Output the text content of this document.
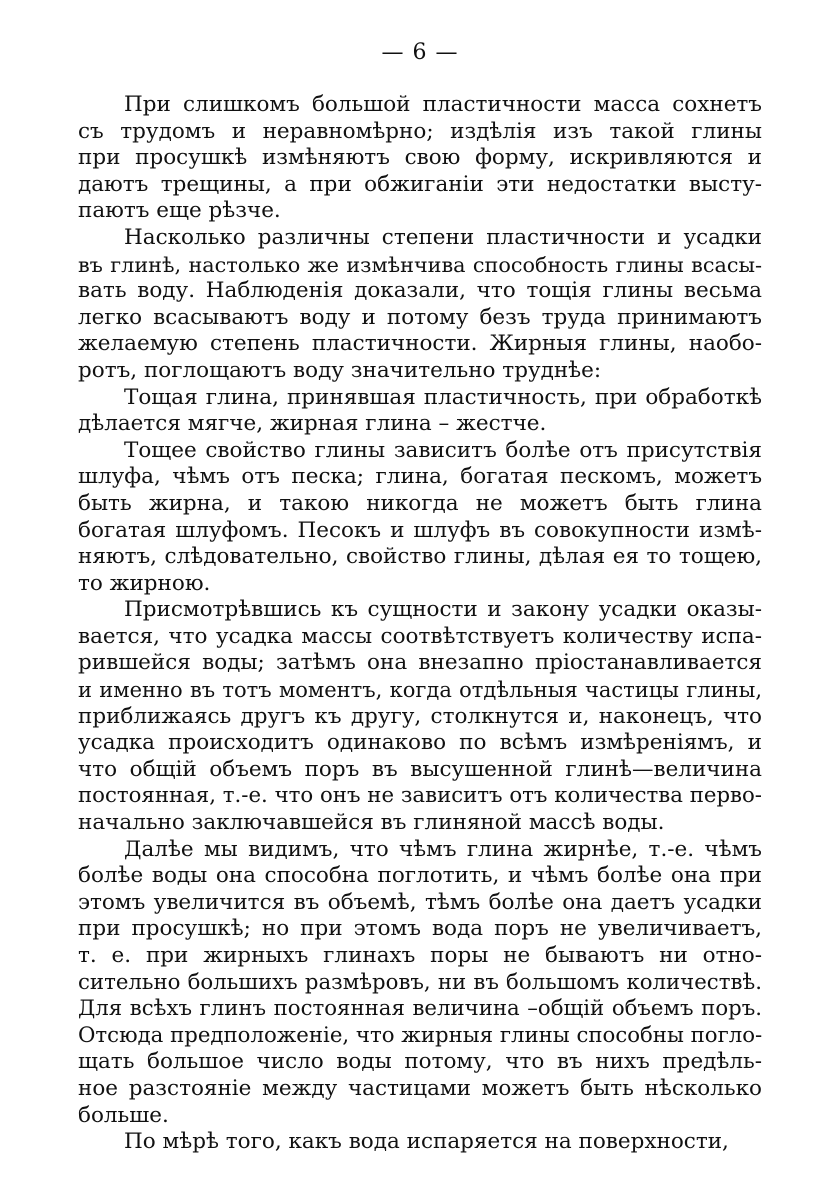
— 6 —
При слишкомъ большой пластичности масса сохнетъ
съ трудомъ и неравномѣрно; издѣлія изъ такой глины
при просушкѣ измѣняютъ свою форму, искривляются и
даютъ трещины, а при обжиганіи эти недостатки высту-
паютъ еще рѣзче.
Насколько различны степени пластичности и усадки
въ глинѣ, настолько же измѣнчива способность глины всасы-
вать воду. Наблюденія доказали, что тощія глины весьма
легко всасываютъ воду и потому безъ труда принимаютъ
желаемую степень пластичности. Жирныя глины, наобо-
ротъ, поглощаютъ воду значительно труднѣе:
Тощая глина, принявшая пластичность, при обработкѣ
дѣлается мягче, жирная глина – жестче.
Тощее свойство глины зависитъ болѣе отъ присутствія
шлуфа, чѣмъ отъ песка; глина, богатая пескомъ, можетъ
быть жирна, и такою никогда не можетъ быть глина
богатая шлуфомъ. Песокъ и шлуфъ въ совокупности измѣ-
няютъ, слѣдовательно, свойство глины, дѣлая ея то тощею,
то жирною.
Присмотрѣвшись къ сущности и закону усадки оказы-
вается, что усадка массы соотвѣтствуетъ количеству испа-
рившейся воды; затѣмъ она внезапно пріостанавливается
и именно въ тотъ моментъ, когда отдѣльныя частицы глины,
приближаясь другъ къ другу, столкнутся и, наконецъ, что
усадка происходитъ одинаково по всѣмъ измѣреніямъ, и
что общій объемъ поръ въ высушенной глинѣ—величина
постоянная, т.-е. что онъ не зависитъ отъ количества перво-
начально заключавшейся въ глиняной массѣ воды.
Далѣе мы видимъ, что чѣмъ глина жирнѣе, т.-е. чѣмъ
болѣе воды она способна поглотить, и чѣмъ болѣе она при
этомъ увеличится въ объемѣ, тѣмъ болѣе она даетъ усадки
при просушкѣ; но при этомъ вода поръ не увеличиваетъ,
т. е. при жирныхъ глинахъ поры не бываютъ ни отно-
сительно большихъ размѣровъ, ни въ большомъ количествѣ.
Для всѣхъ глинъ постоянная величина –общій объемъ поръ.
Отсюда предположеніе, что жирныя глины способны погло-
щать большое число воды потому, что въ нихъ предѣль-
ное разстояніе между частицами можетъ быть нѣсколько
больше.
По мѣрѣ того, какъ вода испаряется на поверхности,
